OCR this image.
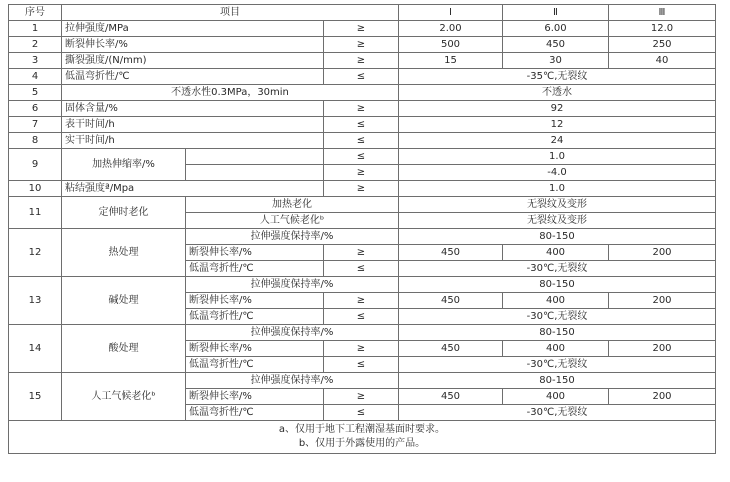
序号	项目			Ⅰ	Ⅱ	Ⅲ
1	拉伸强度/MPa		≥	2.00	6.00	12.0
2	断裂伸长率/%		≥	500	450	250
3	撕裂强度/(N/mm)		≥	15	30	40
4	低温弯折性/℃		≤	-35℃,无裂纹		
5	不透水性0.3MPa，30min			不透水		
6	固体含量/%		≥	92		
7	表干时间/h		≤	12		
8	实干时间/h		≤	24		
9	加热伸缩率/%		≤	1.0		
			≥	-4.0		
10	粘结强度ª/Mpa		≥	1.0		
11	定伸时老化	加热老化		无裂纹及变形		
		人工气候老化ᵇ		无裂纹及变形		
12	热处理	拉伸强度保持率/%		80-150		
		断裂伸长率/%	≥	450	400	200
		低温弯折性/℃	≤	-30℃,无裂纹		
13	碱处理	拉伸强度保持率/%		80-150		
		断裂伸长率/%	≥	450	400	200
		低温弯折性/℃	≤	-30℃,无裂纹		
14	酸处理	拉伸强度保持率/%		80-150		
		断裂伸长率/%	≥	450	400	200
		低温弯折性/℃	≤	-30℃,无裂纹		
15	人工气候老化ᵇ	拉伸强度保持率/%		80-150		
		断裂伸长率/%	≥	450	400	200
		低温弯折性/℃	≤	-30℃,无裂纹		

a、仅用于地下工程潮湿基面时要求。
b、仅用于外露使用的产品。						
